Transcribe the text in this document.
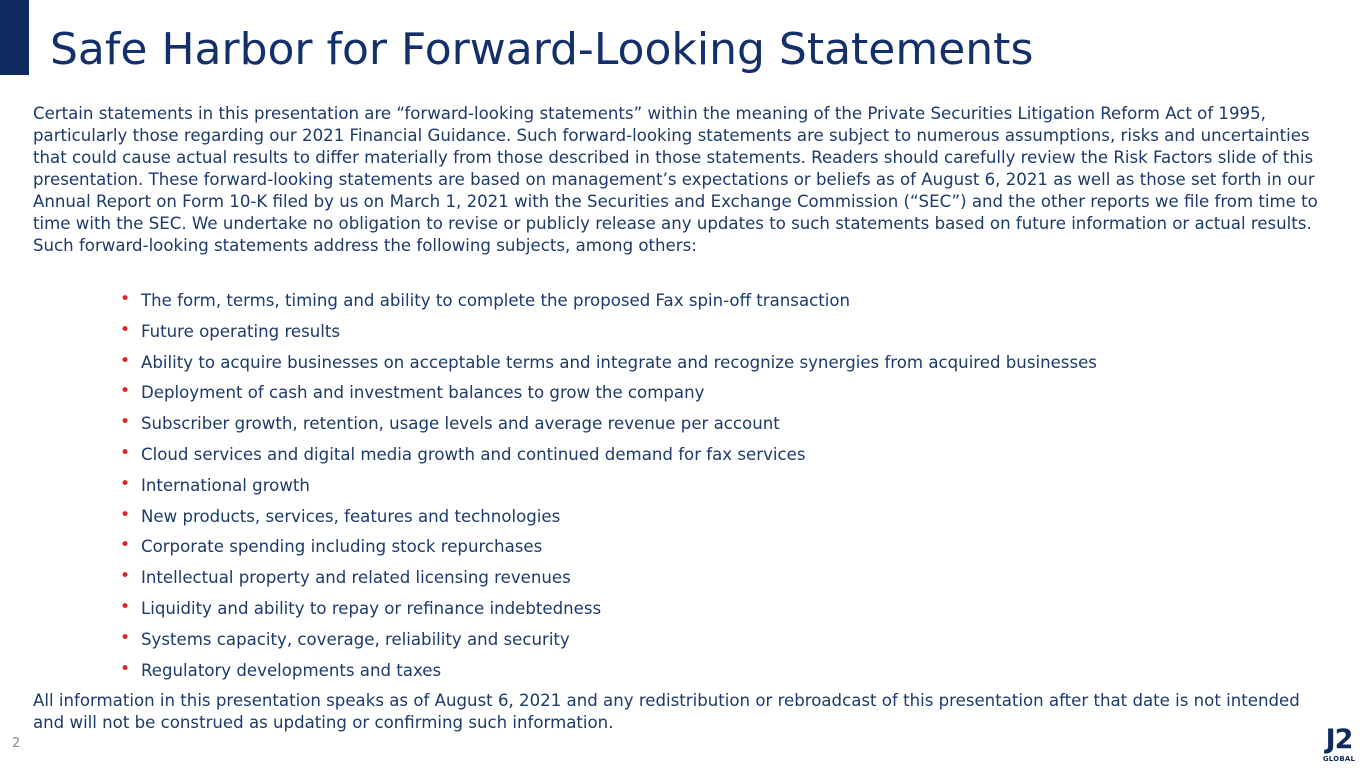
Safe Harbor for Forward-Looking Statements

Certain statements in this presentation are “forward-looking statements” within the meaning of the Private Securities Litigation Reform Act of 1995, particularly those regarding our 2021 Financial Guidance. Such forward-looking statements are subject to numerous assumptions, risks and uncertainties that could cause actual results to differ materially from those described in those statements. Readers should carefully review the Risk Factors slide of this presentation. These forward-looking statements are based on management’s expectations or beliefs as of August 6, 2021 as well as those set forth in our Annual Report on Form 10-K filed by us on March 1, 2021 with the Securities and Exchange Commission (“SEC”) and the other reports we file from time to time with the SEC. We undertake no obligation to revise or publicly release any updates to such statements based on future information or actual results. Such forward-looking statements address the following subjects, among others:

• The form, terms, timing and ability to complete the proposed Fax spin-off transaction
• Future operating results
• Ability to acquire businesses on acceptable terms and integrate and recognize synergies from acquired businesses
• Deployment of cash and investment balances to grow the company
• Subscriber growth, retention, usage levels and average revenue per account
• Cloud services and digital media growth and continued demand for fax services
• International growth
• New products, services, features and technologies
• Corporate spending including stock repurchases
• Intellectual property and related licensing revenues
• Liquidity and ability to repay or refinance indebtedness
• Systems capacity, coverage, reliability and security
• Regulatory developments and taxes

All information in this presentation speaks as of August 6, 2021 and any redistribution or rebroadcast of this presentation after that date is not intended and will not be construed as updating or confirming such information.

2	J2
GLOBAL
